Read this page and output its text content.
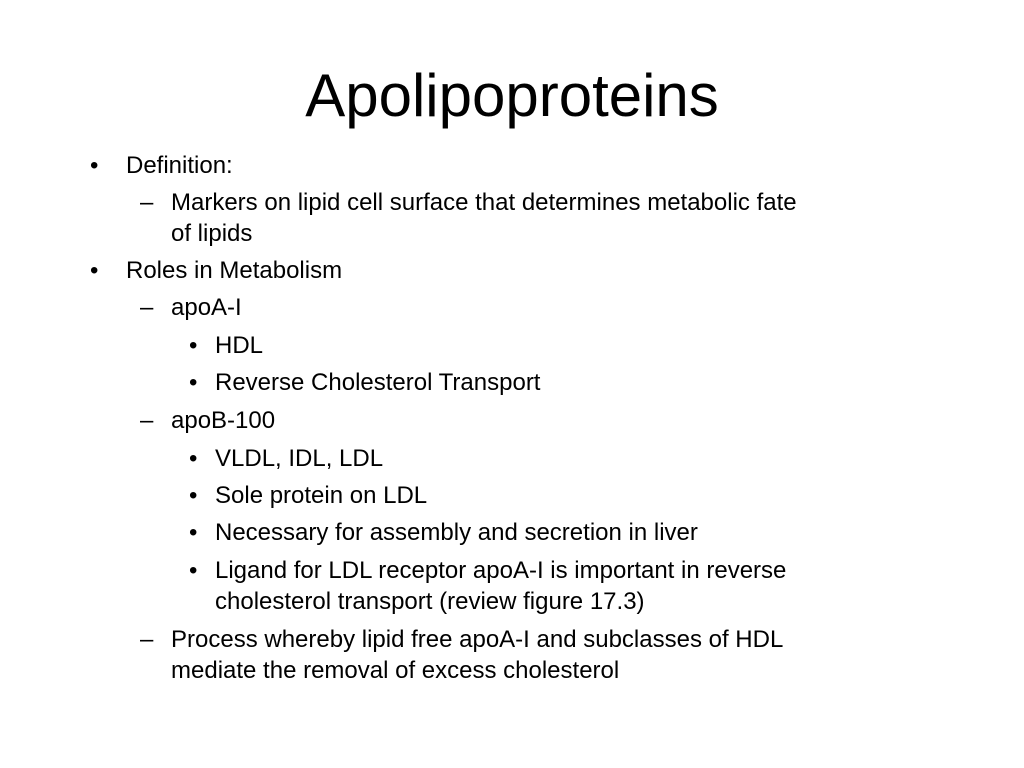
Apolipoproteins
• Definition:
– Markers on lipid cell surface that determines metabolic fate
of lipids
• Roles in Metabolism
– apoA-I
• HDL
• Reverse Cholesterol Transport
– apoB-100
• VLDL, IDL, LDL
• Sole protein on LDL
• Necessary for assembly and secretion in liver
• Ligand for LDL receptor apoA-I is important in reverse
cholesterol transport (review figure 17.3)
– Process whereby lipid free apoA-I and subclasses of HDL
mediate the removal of excess cholesterol
